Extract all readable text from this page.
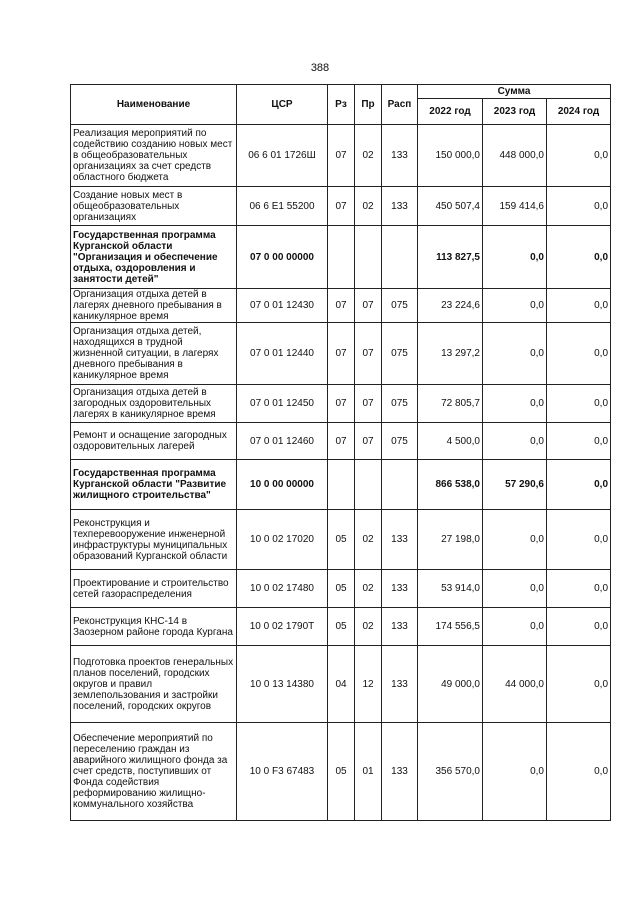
388
Наименование	ЦСР	Рз	Пр	Расп	Сумма		
					2022 год	2023 год	2024 год
Реализация мероприятий по содействию созданию новых мест в общеобразовательных организациях за счет средств областного бюджета	06 6 01 1726Ш	07	02	133	150 000,0	448 000,0	0,0
Создание новых мест в общеобразовательных организациях	06 6 E1 55200	07	02	133	450 507,4	159 414,6	0,0
Государственная программа Курганской области "Организация и обеспечение отдыха, оздоровления и занятости детей"	07 0 00 00000				113 827,5	0,0	0,0
Организация отдыха детей в лагерях дневного пребывания в каникулярное время	07 0 01 12430	07	07	075	23 224,6	0,0	0,0
Организация отдыха детей, находящихся в трудной жизненной ситуации, в лагерях дневного пребывания в каникулярное время	07 0 01 12440	07	07	075	13 297,2	0,0	0,0
Организация отдыха детей в загородных оздоровительных лагерях в каникулярное время	07 0 01 12450	07	07	075	72 805,7	0,0	0,0
Ремонт и оснащение загородных оздоровительных лагерей	07 0 01 12460	07	07	075	4 500,0	0,0	0,0
Государственная программа Курганской области "Развитие жилищного строительства"	10 0 00 00000				866 538,0	57 290,6	0,0
Реконструкция и техперевооружение инженерной инфраструктуры муниципальных образований Курганской области	10 0 02 17020	05	02	133	27 198,0	0,0	0,0
Проектирование и строительство сетей газораспределения	10 0 02 17480	05	02	133	53 914,0	0,0	0,0
Реконструкция КНС-14 в Заозерном районе города Кургана	10 0 02 1790Т	05	02	133	174 556,5	0,0	0,0
Подготовка проектов генеральных планов поселений, городских округов и правил землепользования и застройки поселений, городских округов	10 0 13 14380	04	12	133	49 000,0	44 000,0	0,0
Обеспечение мероприятий по переселению граждан из аварийного жилищного фонда за счет средств, поступивших от Фонда содействия реформированию жилищно-коммунального хозяйства	10 0 F3 67483	05	01	133	356 570,0	0,0	0,0
